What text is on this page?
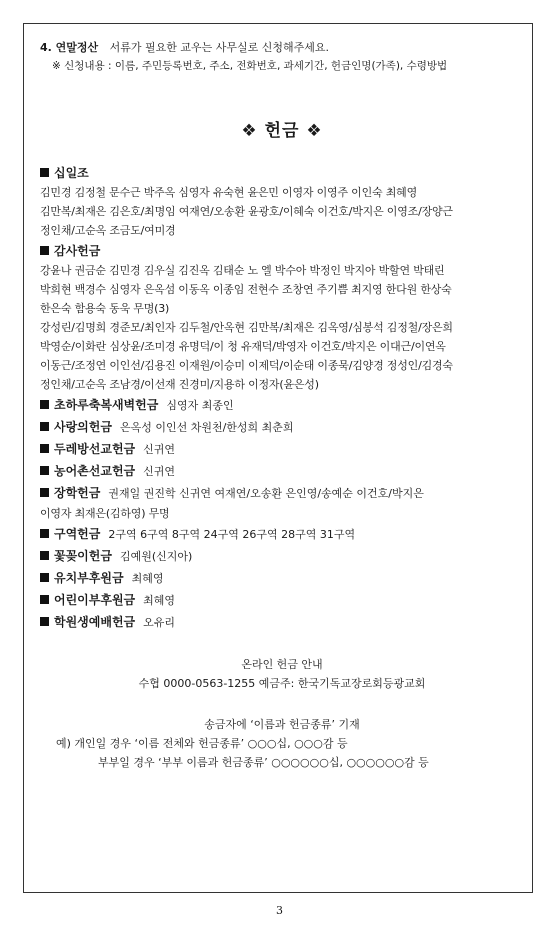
4. 연말정산 서류가 필요한 교우는 사무실로 신청해주세요.
※ 신청내용 : 이름, 주민등록번호, 주소, 전화번호, 과세기간, 헌금인명(가족), 수령방법
❖ 헌금 ❖
십일조
김민경 김정철 문수근 박주옥 심영자 유숙현 윤은민 이영자 이영주 이인숙 최혜영
김만복/최재은 김은호/최명임 여재연/오송환 윤광호/이혜숙 이건호/박지은 이영조/장양근
정인채/고순옥 조금도/여미경
감사헌금
강윤나 권금순 김민경 김우실 김진옥 김태순 노 엘 박수아 박정인 박지아 박할연 박태린
박희현 백경수 심영자 은옥섬 이동옥 이종임 전현수 조창연 주기쁨 최지영 한다원 한상숙
한은숙 함용숙 동욱 무명(3)
강성린/김명희 경준모/최인자 김두철/안옥현 김만복/최재은 김옥영/심봉석 김정철/장은희
박영순/이화란 심상윤/조미경 유명덕/이 청 유재덕/박영자 이건호/박지은 이대근/이연옥
이동근/조정연 이인선/김용진 이재원/이승미 이제덕/이순태 이종묵/김양경 정성인/김경숙
정인채/고순옥 조남경/이선재 진경미/지용하 이정자(윤은성)
초하루축복새벽헌금 심영자 최종인
사랑의헌금 은옥성 이인선 차원천/한성희 최춘희
두레방선교헌금 신귀연
농어촌선교헌금 신귀연
장학헌금 권재일 권진학 신귀연 여재연/오송환 은인영/송예순 이건호/박지은
이영자 최재은(김하영) 무명
구역헌금 2구역 6구역 8구역 24구역 26구역 28구역 31구역
꽃꽂이헌금 김예원(신지아)
유치부후원금 최혜영
어린이부후원금 최혜영
학원생예배헌금 오유리
온라인 헌금 안내
수협 0000-0563-1255 예금주: 한국기독교장로회등광교회
송금자에 ‘이름과 헌금종류’ 기재
예) 개인일 경우 ‘이름 전체와 헌금종류’ ○○○십, ○○○감 등
부부일 경우 ‘부부 이름과 헌금종류’ ○○○○○○십, ○○○○○○감 등
3
